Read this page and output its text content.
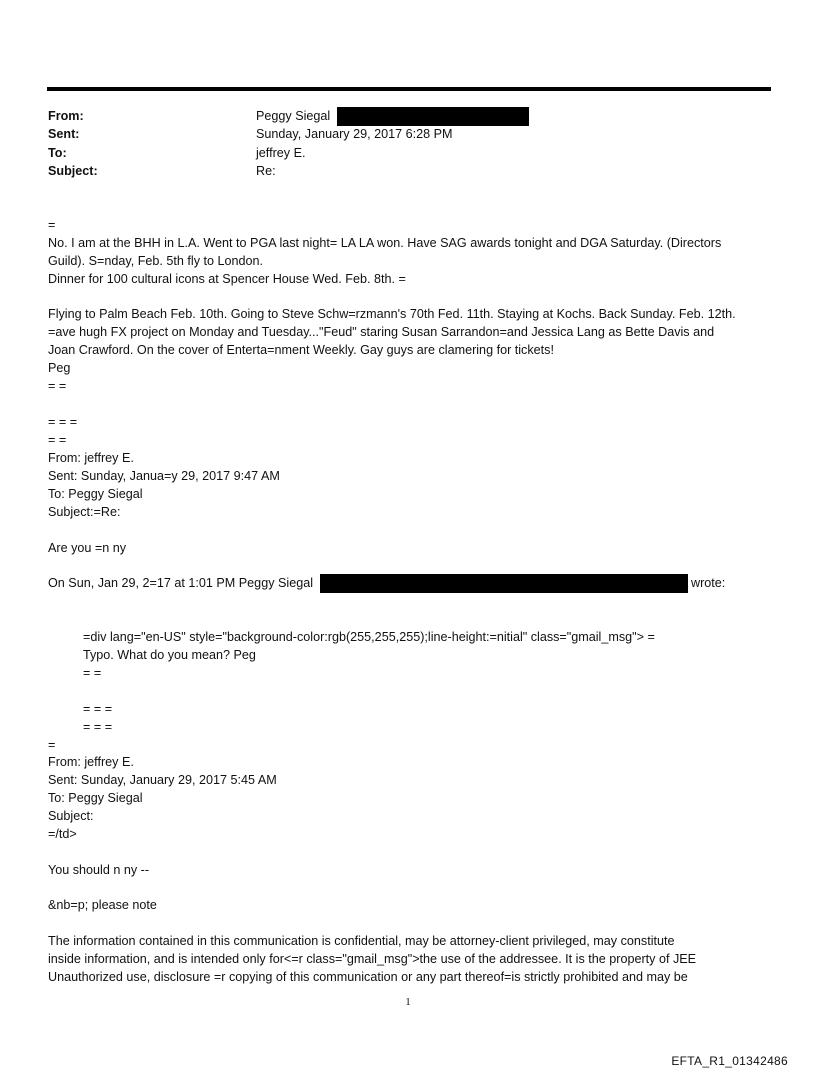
From:	Peggy Siegal
Sent:	Sunday, January 29, 2017 6:28 PM
To:	jeffrey E.
Subject:	Re:
=
No. I am at the BHH in L.A. Went to PGA last night= LA LA won. Have SAG awards tonight and DGA Saturday. (Directors
Guild). S=nday, Feb. 5th fly to London.
Dinner for 100 cultural icons at Spencer House Wed. Feb. 8th. =
Flying to Palm Beach Feb. 10th. Going to Steve Schw=rzmann's 70th Fed. 11th. Staying at Kochs. Back Sunday. Feb. 12th.
=ave hugh FX project on Monday and Tuesday..."Feud" staring Susan Sarrandon=and Jessica Lang as Bette Davis and
Joan Crawford. On the cover of Enterta=nment Weekly. Gay guys are clamering for tickets!
Peg
= =
= = =
= =
From: jeffrey E.
Sent: Sunday, Janua=y 29, 2017 9:47 AM
To: Peggy Siegal
Subject:=Re:
Are you =n ny
On Sun, Jan 29, 2=17 at 1:01 PM Peggy Siegal	wrote:
=div lang="en-US" style="background-color:rgb(255,255,255);line-height:=nitial" class="gmail_msg"> =
Typo. What do you mean? Peg
= =
= = =
= = =
=
From: jeffrey E.
Sent: Sunday, January 29, 2017 5:45 AM
To: Peggy Siegal
Subject:
=/td>
You should n ny --
&nb=p; please note
The information contained in this communication is confidential, may be attorney-client privileged, may constitute
inside information, and is intended only for<=r class="gmail_msg">the use of the addressee. It is the property of JEE
Unauthorized use, disclosure =r copying of this communication or any part thereof=is strictly prohibited and may be
1
EFTA_R1_01342486
